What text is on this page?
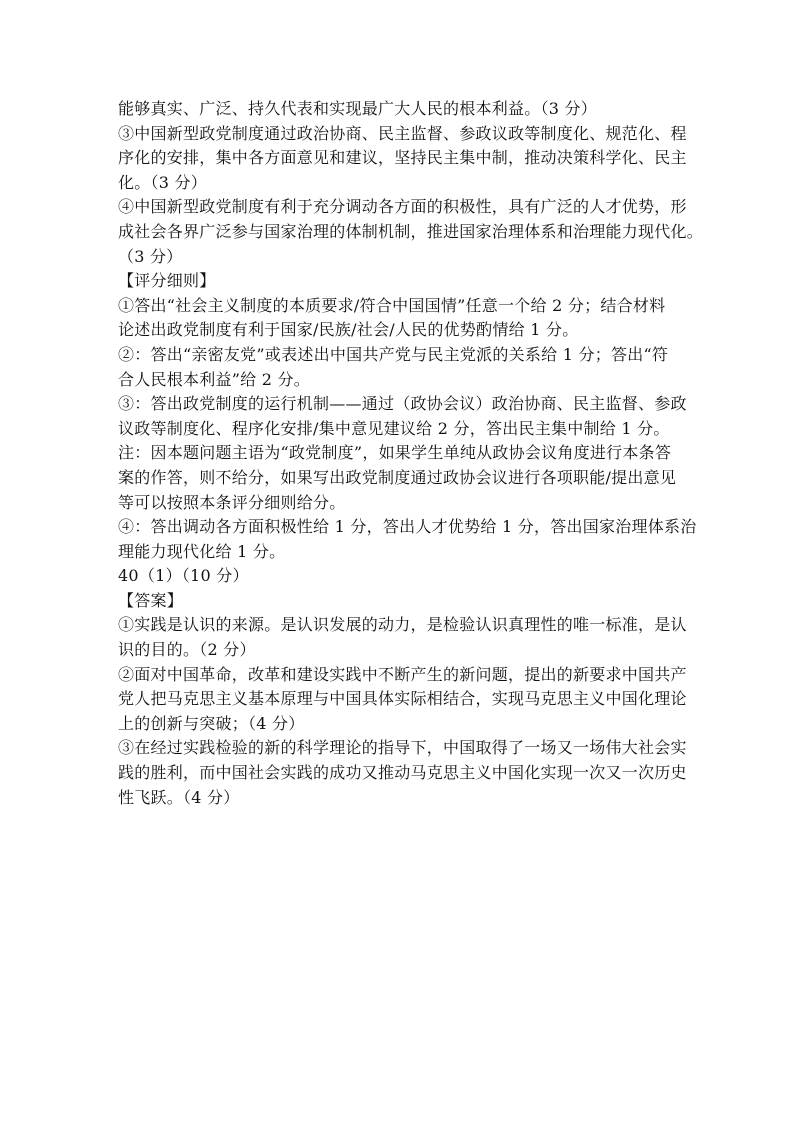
能够真实、广泛、持久代表和实现最广大人民的根本利益。（3 分）

③中国新型政党制度通过政治协商、民主监督、参政议政等制度化、规范化、程

序化的安排，集中各方面意见和建议，坚持民主集中制，推动决策科学化、民主

化。（3 分）

④中国新型政党制度有利于充分调动各方面的积极性，具有广泛的人才优势，形

成社会各界广泛参与国家治理的体制机制，推进国家治理体系和治理能力现代化。

（3 分）

【评分细则】

①答出“社会主义制度的本质要求/符合中国国情”任意一个给 2 分；结合材料

论述出政党制度有利于国家/民族/社会/人民的优势酌情给 1 分。

②：答出“亲密友党”或表述出中国共产党与民主党派的关系给 1 分；答出“符

合人民根本利益”给 2 分。

③：答出政党制度的运行机制——通过（政协会议）政治协商、民主监督、参政

议政等制度化、程序化安排/集中意见建议给 2 分，答出民主集中制给 1 分。

注：因本题问题主语为“政党制度”，如果学生单纯从政协会议角度进行本条答

案的作答，则不给分，如果写出政党制度通过政协会议进行各项职能/提出意见

等可以按照本条评分细则给分。

④：答出调动各方面积极性给 1 分，答出人才优势给 1 分，答出国家治理体系治

理能力现代化给 1 分。

40（1）（10 分）

【答案】

①实践是认识的来源。是认识发展的动力，是检验认识真理性的唯一标准，是认

识的目的。（2 分）

②面对中国革命，改革和建设实践中不断产生的新问题，提出的新要求中国共产

党人把马克思主义基本原理与中国具体实际相结合，实现马克思主义中国化理论

上的创新与突破；（4 分）

③在经过实践检验的新的科学理论的指导下，中国取得了一场又一场伟大社会实

践的胜利，而中国社会实践的成功又推动马克思主义中国化实现一次又一次历史

性飞跃。（4 分）
